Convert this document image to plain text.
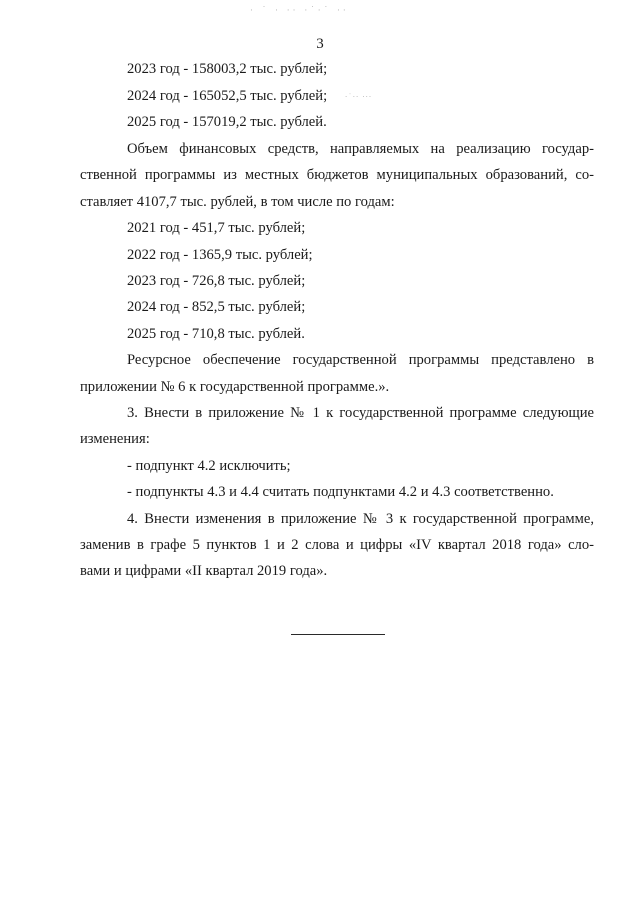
· ˙ · ·· ·˙·˙ ··
3
2023 год - 158003,2 тыс. рублей;
2024 год - 165052,5 тыс. рублей;	·˙·· ···
2025 год - 157019,2 тыс. рублей.
Объем финансовых средств, направляемых на реализацию государ-
ственной программы из местных бюджетов муниципальных образований, со-
ставляет 4107,7 тыс. рублей, в том числе по годам:
2021 год - 451,7 тыс. рублей;
2022 год - 1365,9 тыс. рублей;
2023 год - 726,8 тыс. рублей;
2024 год - 852,5 тыс. рублей;
2025 год - 710,8 тыс. рублей.
Ресурсное обеспечение государственной программы представлено в
приложении № 6 к государственной программе.».
3. Внести в приложение № 1 к государственной программе следующие
изменения:
- подпункт 4.2 исключить;
- подпункты 4.3 и 4.4 считать подпунктами 4.2 и 4.3 соответственно.
4. Внести изменения в приложение № 3 к государственной программе,
заменив в графе 5 пунктов 1 и 2 слова и цифры «IV квартал 2018 года» сло-
вами и цифрами «II квартал 2019 года».
